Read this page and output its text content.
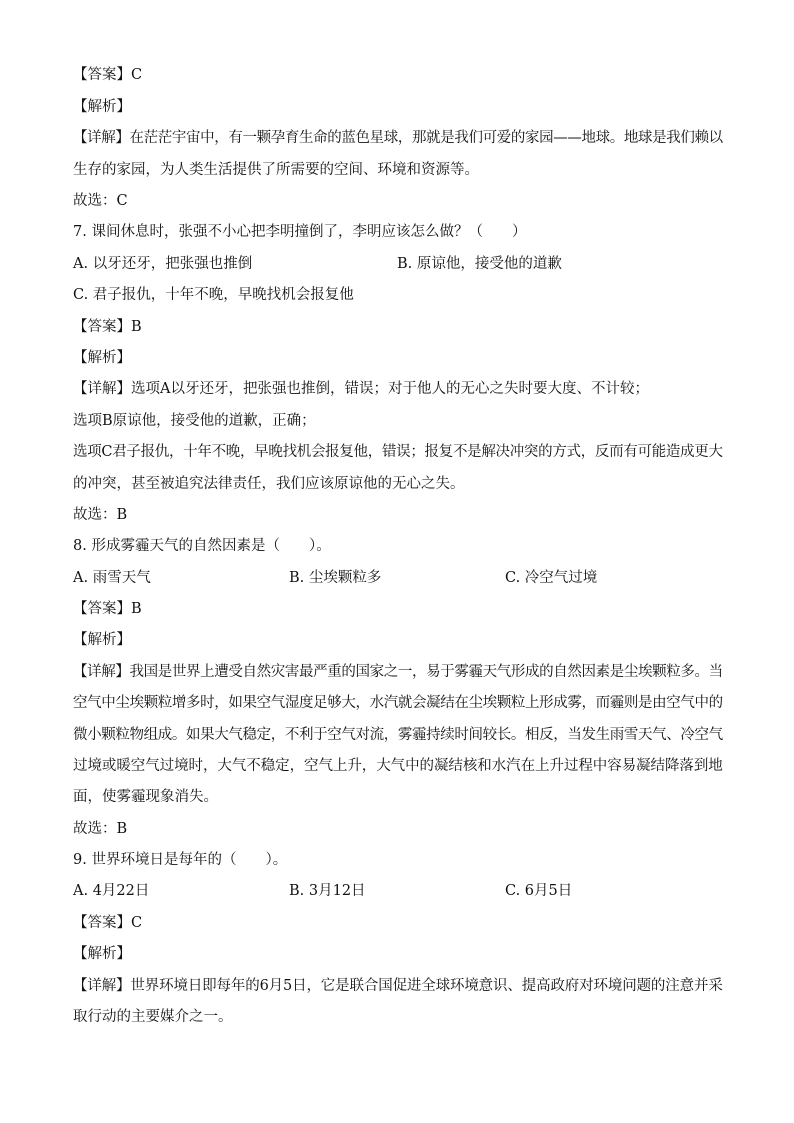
【答案】C
【解析】
【详解】在茫茫宇宙中，有一颗孕育生命的蓝色星球，那就是我们可爱的家园——地球。地球是我们赖以
生存的家园，为人类生活提供了所需要的空间、环境和资源等。
故选：C
7. 课间休息时，张强不小心把李明撞倒了，李明应该怎么做？（　　）
A. 以牙还牙，把张强也推倒	B. 原谅他，接受他的道歉
C. 君子报仇，十年不晚，早晚找机会报复他
【答案】B
【解析】
【详解】选项A以牙还牙，把张强也推倒，错误；对于他人的无心之失时要大度、不计较；
选项B原谅他，接受他的道歉，正确；
选项C君子报仇，十年不晚，早晚找机会报复他，错误；报复不是解决冲突的方式，反而有可能造成更大
的冲突，甚至被追究法律责任，我们应该原谅他的无心之失。
故选：B
8. 形成雾霾天气的自然因素是（　　）。
A. 雨雪天气	B. 尘埃颗粒多	C. 冷空气过境
【答案】B
【解析】
【详解】我国是世界上遭受自然灾害最严重的国家之一，易于雾霾天气形成的自然因素是尘埃颗粒多。当
空气中尘埃颗粒增多时，如果空气湿度足够大，水汽就会凝结在尘埃颗粒上形成雾，而霾则是由空气中的
微小颗粒物组成。如果大气稳定，不利于空气对流，雾霾持续时间较长。相反，当发生雨雪天气、冷空气
过境或暖空气过境时，大气不稳定，空气上升，大气中的凝结核和水汽在上升过程中容易凝结降落到地
面，使雾霾现象消失。
故选：B
9. 世界环境日是每年的（　　）。
A. 4月22日	B. 3月12日	C. 6月5日
【答案】C
【解析】
【详解】世界环境日即每年的6月5日，它是联合国促进全球环境意识、提高政府对环境问题的注意并采
取行动的主要媒介之一。
